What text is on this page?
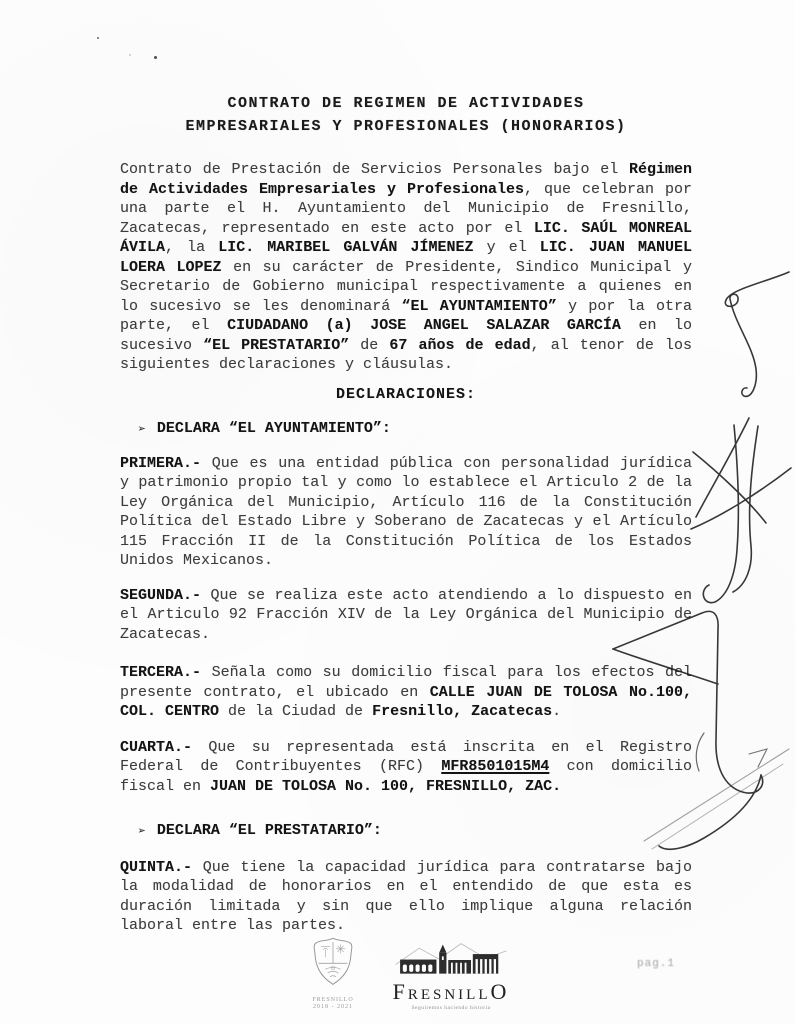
CONTRATO DE REGIMEN DE ACTIVIDADES
EMPRESARIALES Y PROFESIONALES (HONORARIOS)
Contrato de Prestación de Servicios Personales bajo el Régimen de Actividades Empresariales y Profesionales, que celebran por una parte el H. Ayuntamiento del Municipio de Fresnillo, Zacatecas, representado en este acto por el LIC. SAÚL MONREAL ÁVILA, la LIC. MARIBEL GALVÁN JÍMENEZ y el LIC. JUAN MANUEL LOERA LOPEZ en su carácter de Presidente, Sindico Municipal y Secretario de Gobierno municipal respectivamente a quienes en lo sucesivo se les denominará “EL AYUNTAMIENTO” y por la otra parte, el CIUDADANO (a) JOSE ANGEL SALAZAR GARCÍA en lo sucesivo “EL PRESTATARIO” de 67 años de edad, al tenor de los siguientes declaraciones y cláusulas.
DECLARACIONES:
➢ DECLARA “EL AYUNTAMIENTO”:
PRIMERA.- Que es una entidad pública con personalidad jurídica y patrimonio propio tal y como lo establece el Articulo 2 de la Ley Orgánica del Municipio, Artículo 116 de la Constitución Política del Estado Libre y Soberano de Zacatecas y el Artículo 115 Fracción II de la Constitución Política de los Estados Unidos Mexicanos.
SEGUNDA.- Que se realiza este acto atendiendo a lo dispuesto en el Articulo 92 Fracción XIV de la Ley Orgánica del Municipio de Zacatecas.
TERCERA.- Señala como su domicilio fiscal para los efectos del presente contrato, el ubicado en CALLE JUAN DE TOLOSA No.100, COL. CENTRO de la Ciudad de Fresnillo, Zacatecas.
CUARTA.- Que su representada está inscrita en el Registro Federal de Contribuyentes (RFC) MFR8501015M4 con domicilio fiscal en JUAN DE TOLOSA No. 100, FRESNILLO, ZAC.
➢ DECLARA “EL PRESTATARIO”:
QUINTA.- Que tiene la capacidad jurídica para contratarse bajo la modalidad de honorarios en el entendido de que esta es duración limitada y sin que ello implique alguna relación laboral entre las partes.
FRESNILLO
2018 - 2021
FRESNILLO
Seguiremos haciendo historia
pag.1
